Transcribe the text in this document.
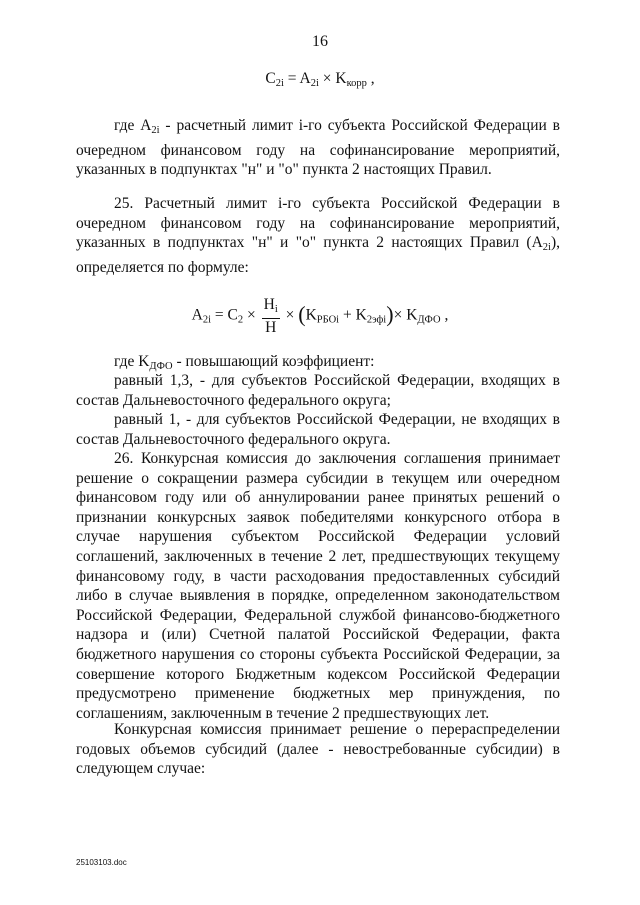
16
$C_{2i} = A_{2i} \times K_{корр}$ ,

где $A_{2i}$ - расчетный лимит i-го субъекта Российской Федерации в очередном финансовом году на софинансирование мероприятий, указанных в подпунктах "н" и "о" пункта 2 настоящих Правил.

25. Расчетный лимит i-го субъекта Российской Федерации в очередном финансовом году на софинансирование мероприятий, указанных в подпунктах "н" и "о" пункта 2 настоящих Правил $(A_{2i})$, определяется по формуле:

$A_{2i} = C_2 \times \frac{H_i}{H} \times (K_{РБОi} + K_{2эфi})\times K_{ДФО}$ ,

где $K_{ДФО}$ - повышающий коэффициент:

равный 1,3, - для субъектов Российской Федерации, входящих в состав Дальневосточного федерального округа;

равный 1, - для субъектов Российской Федерации, не входящих в состав Дальневосточного федерального округа.

26. Конкурсная комиссия до заключения соглашения принимает решение о сокращении размера субсидии в текущем или очередном финансовом году или об аннулировании ранее принятых решений о признании конкурсных заявок победителями конкурсного отбора в случае нарушения субъектом Российской Федерации условий соглашений, заключенных в течение 2 лет, предшествующих текущему финансовому году, в части расходования предоставленных субсидий либо в случае выявления в порядке, определенном законодательством Российской Федерации, Федеральной службой финансово-бюджетного надзора и (или) Счетной палатой Российской Федерации, факта бюджетного нарушения со стороны субъекта Российской Федерации, за совершение которого Бюджетным кодексом Российской Федерации предусмотрено применение бюджетных мер принуждения, по соглашениям, заключенным в течение 2 предшествующих лет.

Конкурсная комиссия принимает решение о перераспределении годовых объемов субсидий (далее - невостребованные субсидии) в следующем случае:

25103103.doc
